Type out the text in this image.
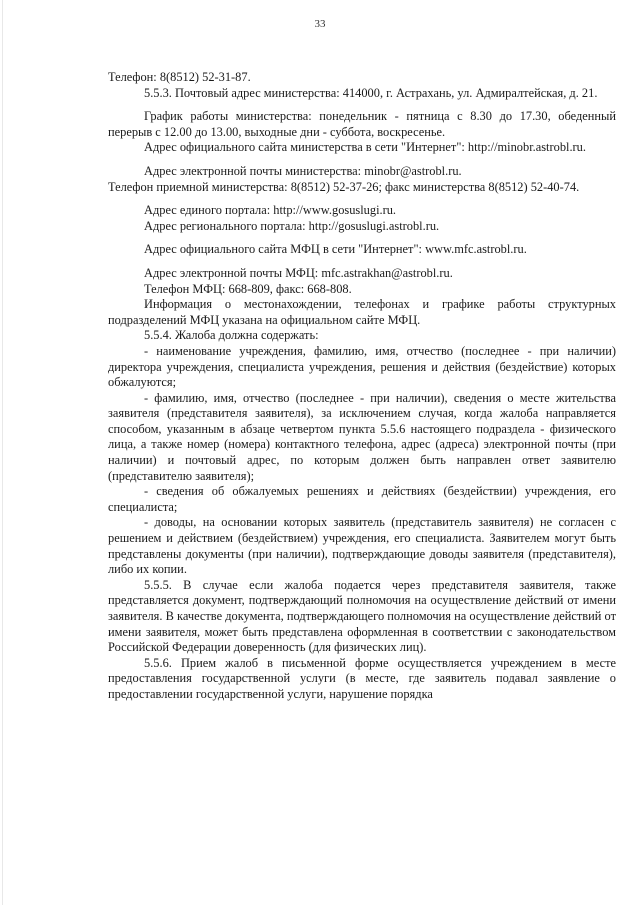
33

Телефон: 8(8512) 52-31-87.

5.5.3. Почтовый адрес министерства: 414000, г. Астрахань, ул. Адмиралтейская, д. 21.

График работы министерства: понедельник - пятница с 8.30 до 17.30, обеденный перерыв с 12.00 до 13.00, выходные дни - суббота, воскресенье.

Адрес официального сайта министерства в сети "Интернет": http://minobr.astrobl.ru.

Адрес электронной почты министерства: minobr@astrobl.ru.

Телефон приемной министерства: 8(8512) 52-37-26; факс министерства 8(8512) 52-40-74.

Адрес единого портала: http://www.gosuslugi.ru.

Адрес регионального портала: http://gosuslugi.astrobl.ru.

Адрес официального сайта МФЦ в сети "Интернет": www.mfc.astrobl.ru.

Адрес электронной почты МФЦ: mfc.astrakhan@astrobl.ru.

Телефон МФЦ: 668-809, факс: 668-808.

Информация о местонахождении, телефонах и графике работы структурных подразделений МФЦ указана на официальном сайте МФЦ.

5.5.4. Жалоба должна содержать:

- наименование учреждения, фамилию, имя, отчество (последнее - при наличии) директора учреждения, специалиста учреждения, решения и действия (бездействие) которых обжалуются;

- фамилию, имя, отчество (последнее - при наличии), сведения о месте жительства заявителя (представителя заявителя), за исключением случая, когда жалоба направляется способом, указанным в абзаце четвертом пункта 5.5.6 настоящего подраздела - физического лица, а также номер (номера) контактного телефона, адрес (адреса) электронной почты (при наличии) и почтовый адрес, по которым должен быть направлен ответ заявителю (представителю заявителя);

- сведения об обжалуемых решениях и действиях (бездействии) учреждения, его специалиста;

- доводы, на основании которых заявитель (представитель заявителя) не согласен с решением и действием (бездействием) учреждения, его специалиста. Заявителем могут быть представлены документы (при наличии), подтверждающие доводы заявителя (представителя), либо их копии.

5.5.5. В случае если жалоба подается через представителя заявителя, также представляется документ, подтверждающий полномочия на осуществление действий от имени заявителя. В качестве документа, подтверждающего полномочия на осуществление действий от имени заявителя, может быть представлена оформленная в соответствии с законодательством Российской Федерации доверенность (для физических лиц).

5.5.6. Прием жалоб в письменной форме осуществляется учреждением в месте предоставления государственной услуги (в месте, где заявитель подавал заявление о предоставлении государственной услуги, нарушение порядка
